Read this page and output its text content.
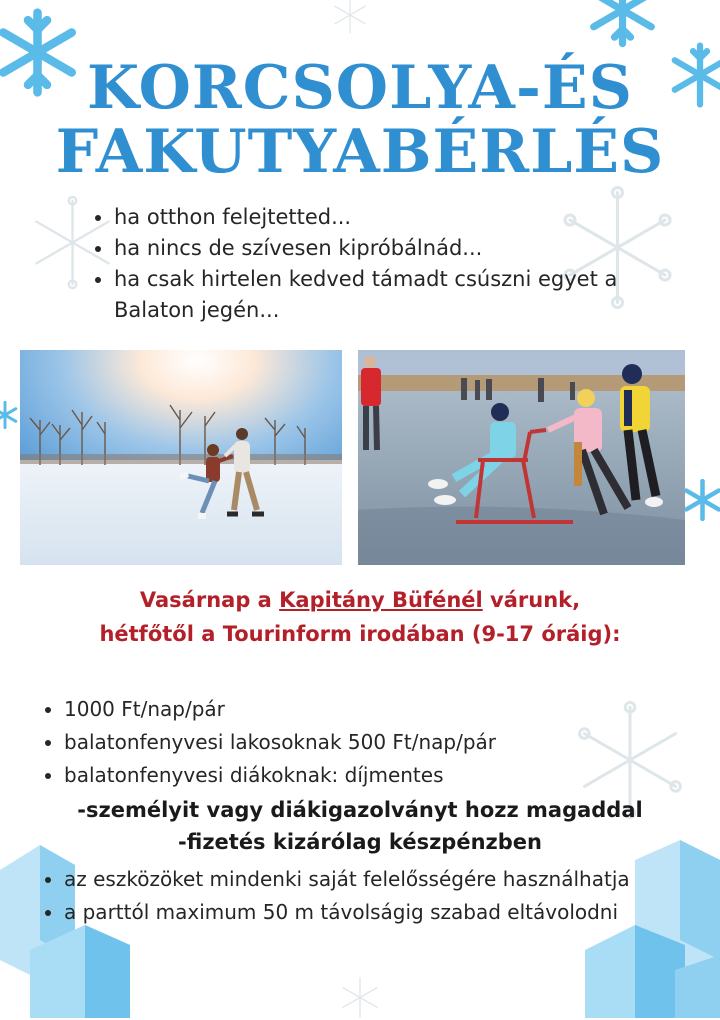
KORCSOLYA-ÉS
FAKUTYABÉRLÉS
• ha otthon felejtetted...
• ha nincs de szívesen kipróbálnád...
• ha csak hirtelen kedved támadt csúszni egyet a Balaton jegén...

Vasárnap a Kapitány Büfénél várunk,

hétfőtől a Tourinform irodában (9-17 óráig):

• 1000 Ft/nap/pár
• balatonfenyvesi lakosoknak 500 Ft/nap/pár
• balatonfenyvesi diákoknak: díjmentes

-személyit vagy diákigazolványt hozz magaddal

-fizetés kizárólag készpénzben

• az eszközöket mindenki saját felelősségére használhatja
• a parttól maximum 50 m távolságig szabad eltávolodni
